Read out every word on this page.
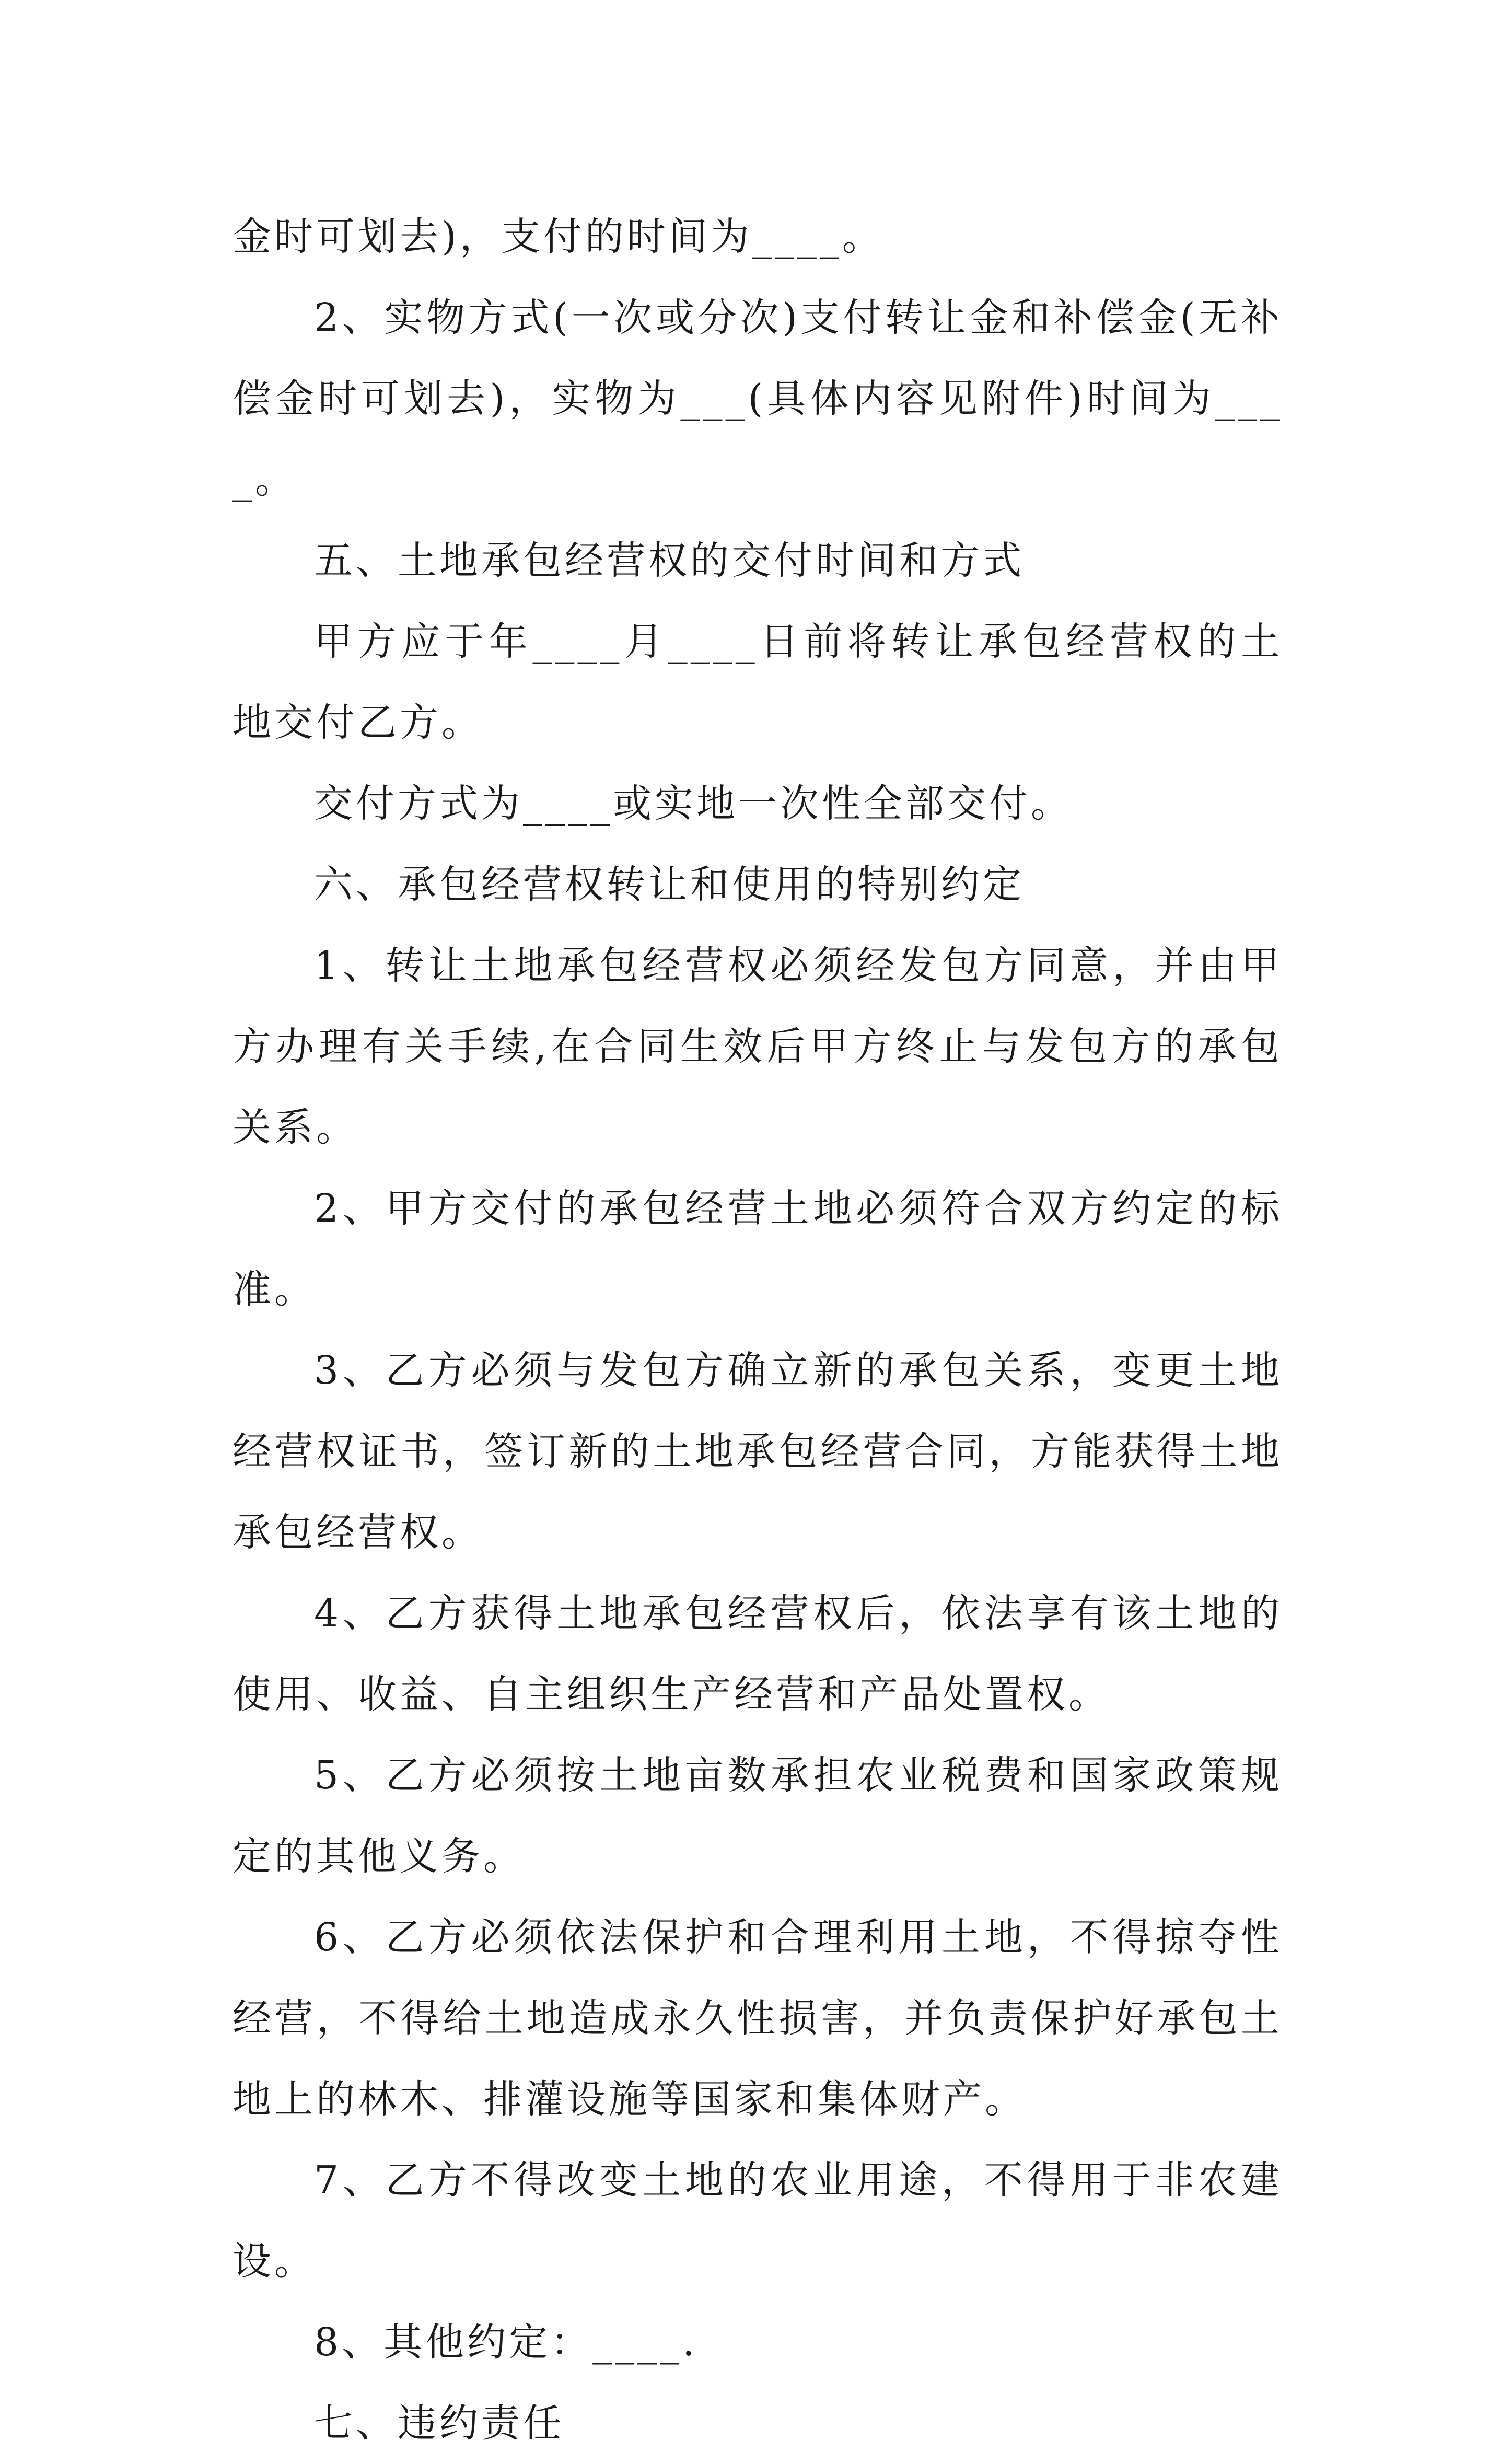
金时可划去)，支付的时间为____。

2、实物方式(一次或分次)支付转让金和补偿金(无补偿金时可划去)，实物为___(具体内容见附件)时间为____。

五、土地承包经营权的交付时间和方式

甲方应于年____月____日前将转让承包经营权的土地交付乙方。

交付方式为____或实地一次性全部交付。

六、承包经营权转让和使用的特别约定

1、转让土地承包经营权必须经发包方同意，并由甲方办理有关手续,在合同生效后甲方终止与发包方的承包关系。

2、甲方交付的承包经营土地必须符合双方约定的标准。

3、乙方必须与发包方确立新的承包关系，变更土地经营权证书，签订新的土地承包经营合同，方能获得土地承包经营权。

4、乙方获得土地承包经营权后，依法享有该土地的使用、收益、自主组织生产经营和产品处置权。

5、乙方必须按土地亩数承担农业税费和国家政策规定的其他义务。

6、乙方必须依法保护和合理利用土地，不得掠夺性经营，不得给土地造成永久性损害，并负责保护好承包土地上的林木、排灌设施等国家和集体财产。

7、乙方不得改变土地的农业用途，不得用于非农建设。

8、其他约定：____.

七、违约责任
